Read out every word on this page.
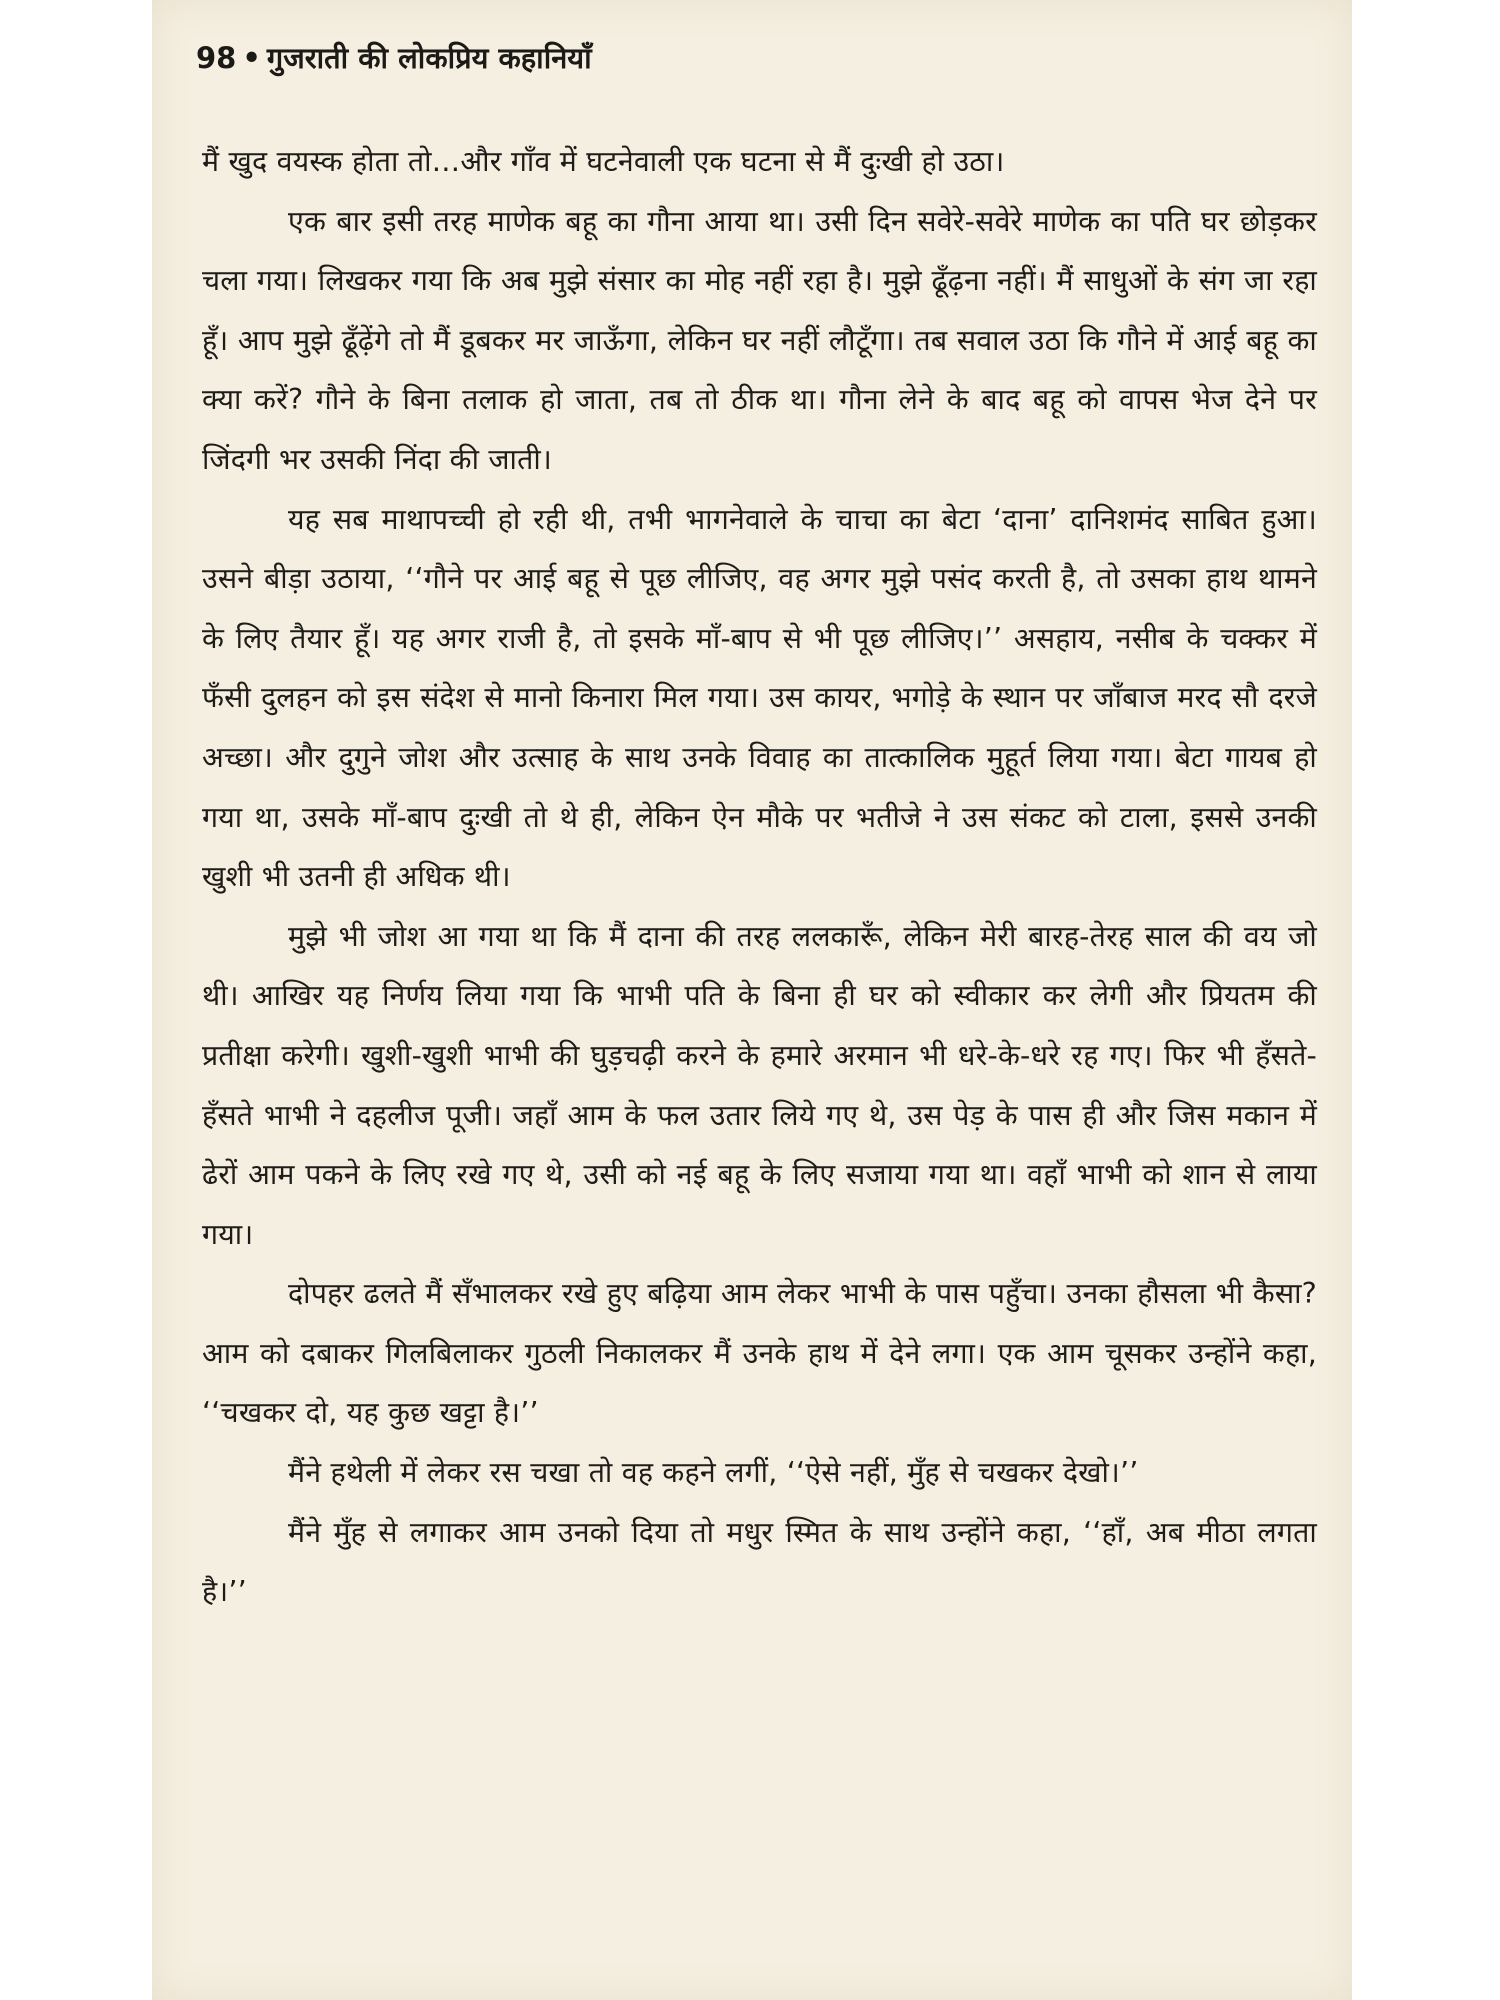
98 • गुजराती की लोकप्रिय कहानियाँ

मैं खुद वयस्क होता तो…और गाँव में घटनेवाली एक घटना से मैं दुःखी हो उठा।

एक बार इसी तरह माणेक बहू का गौना आया था। उसी दिन सवेरे-सवेरे माणेक का पति घर छोड़कर चला गया। लिखकर गया कि अब मुझे संसार का मोह नहीं रहा है। मुझे ढूँढ़ना नहीं। मैं साधुओं के संग जा रहा हूँ। आप मुझे ढूँढ़ेंगे तो मैं डूबकर मर जाऊँगा, लेकिन घर नहीं लौटूँगा। तब सवाल उठा कि गौने में आई बहू का क्या करें? गौने के बिना तलाक हो जाता, तब तो ठीक था। गौना लेने के बाद बहू को वापस भेज देने पर जिंदगी भर उसकी निंदा की जाती।

यह सब माथापच्ची हो रही थी, तभी भागनेवाले के चाचा का बेटा ‘दाना’ दानिशमंद साबित हुआ। उसने बीड़ा उठाया, ‘‘गौने पर आई बहू से पूछ लीजिए, वह अगर मुझे पसंद करती है, तो उसका हाथ थामने के लिए तैयार हूँ। यह अगर राजी है, तो इसके माँ-बाप से भी पूछ लीजिए।’’ असहाय, नसीब के चक्कर में फँसी दुलहन को इस संदेश से मानो किनारा मिल गया। उस कायर, भगोड़े के स्थान पर जाँबाज मरद सौ दरजे अच्छा। और दुगुने जोश और उत्साह के साथ उनके विवाह का तात्कालिक मुहूर्त लिया गया। बेटा गायब हो गया था, उसके माँ-बाप दुःखी तो थे ही, लेकिन ऐन मौके पर भतीजे ने उस संकट को टाला, इससे उनकी खुशी भी उतनी ही अधिक थी।

मुझे भी जोश आ गया था कि मैं दाना की तरह ललकारूँ, लेकिन मेरी बारह-तेरह साल की वय जो थी। आखिर यह निर्णय लिया गया कि भाभी पति के बिना ही घर को स्वीकार कर लेगी और प्रियतम की प्रतीक्षा करेगी। खुशी-खुशी भाभी की घुड़चढ़ी करने के हमारे अरमान भी धरे-के-धरे रह गए। फिर भी हँसते-हँसते भाभी ने दहलीज पूजी। जहाँ आम के फल उतार लिये गए थे, उस पेड़ के पास ही और जिस मकान में ढेरों आम पकने के लिए रखे गए थे, उसी को नई बहू के लिए सजाया गया था। वहाँ भाभी को शान से लाया गया।

दोपहर ढलते मैं सँभालकर रखे हुए बढ़िया आम लेकर भाभी के पास पहुँचा। उनका हौसला भी कैसा? आम को दबाकर गिलबिलाकर गुठली निकालकर मैं उनके हाथ में देने लगा। एक आम चूसकर उन्होंने कहा, ‘‘चखकर दो, यह कुछ खट्टा है।’’

मैंने हथेली में लेकर रस चखा तो वह कहने लगीं, ‘‘ऐसे नहीं, मुँह से चखकर देखो।’’

मैंने मुँह से लगाकर आम उनको दिया तो मधुर स्मित के साथ उन्होंने कहा, ‘‘हाँ, अब मीठा लगता है।’’
